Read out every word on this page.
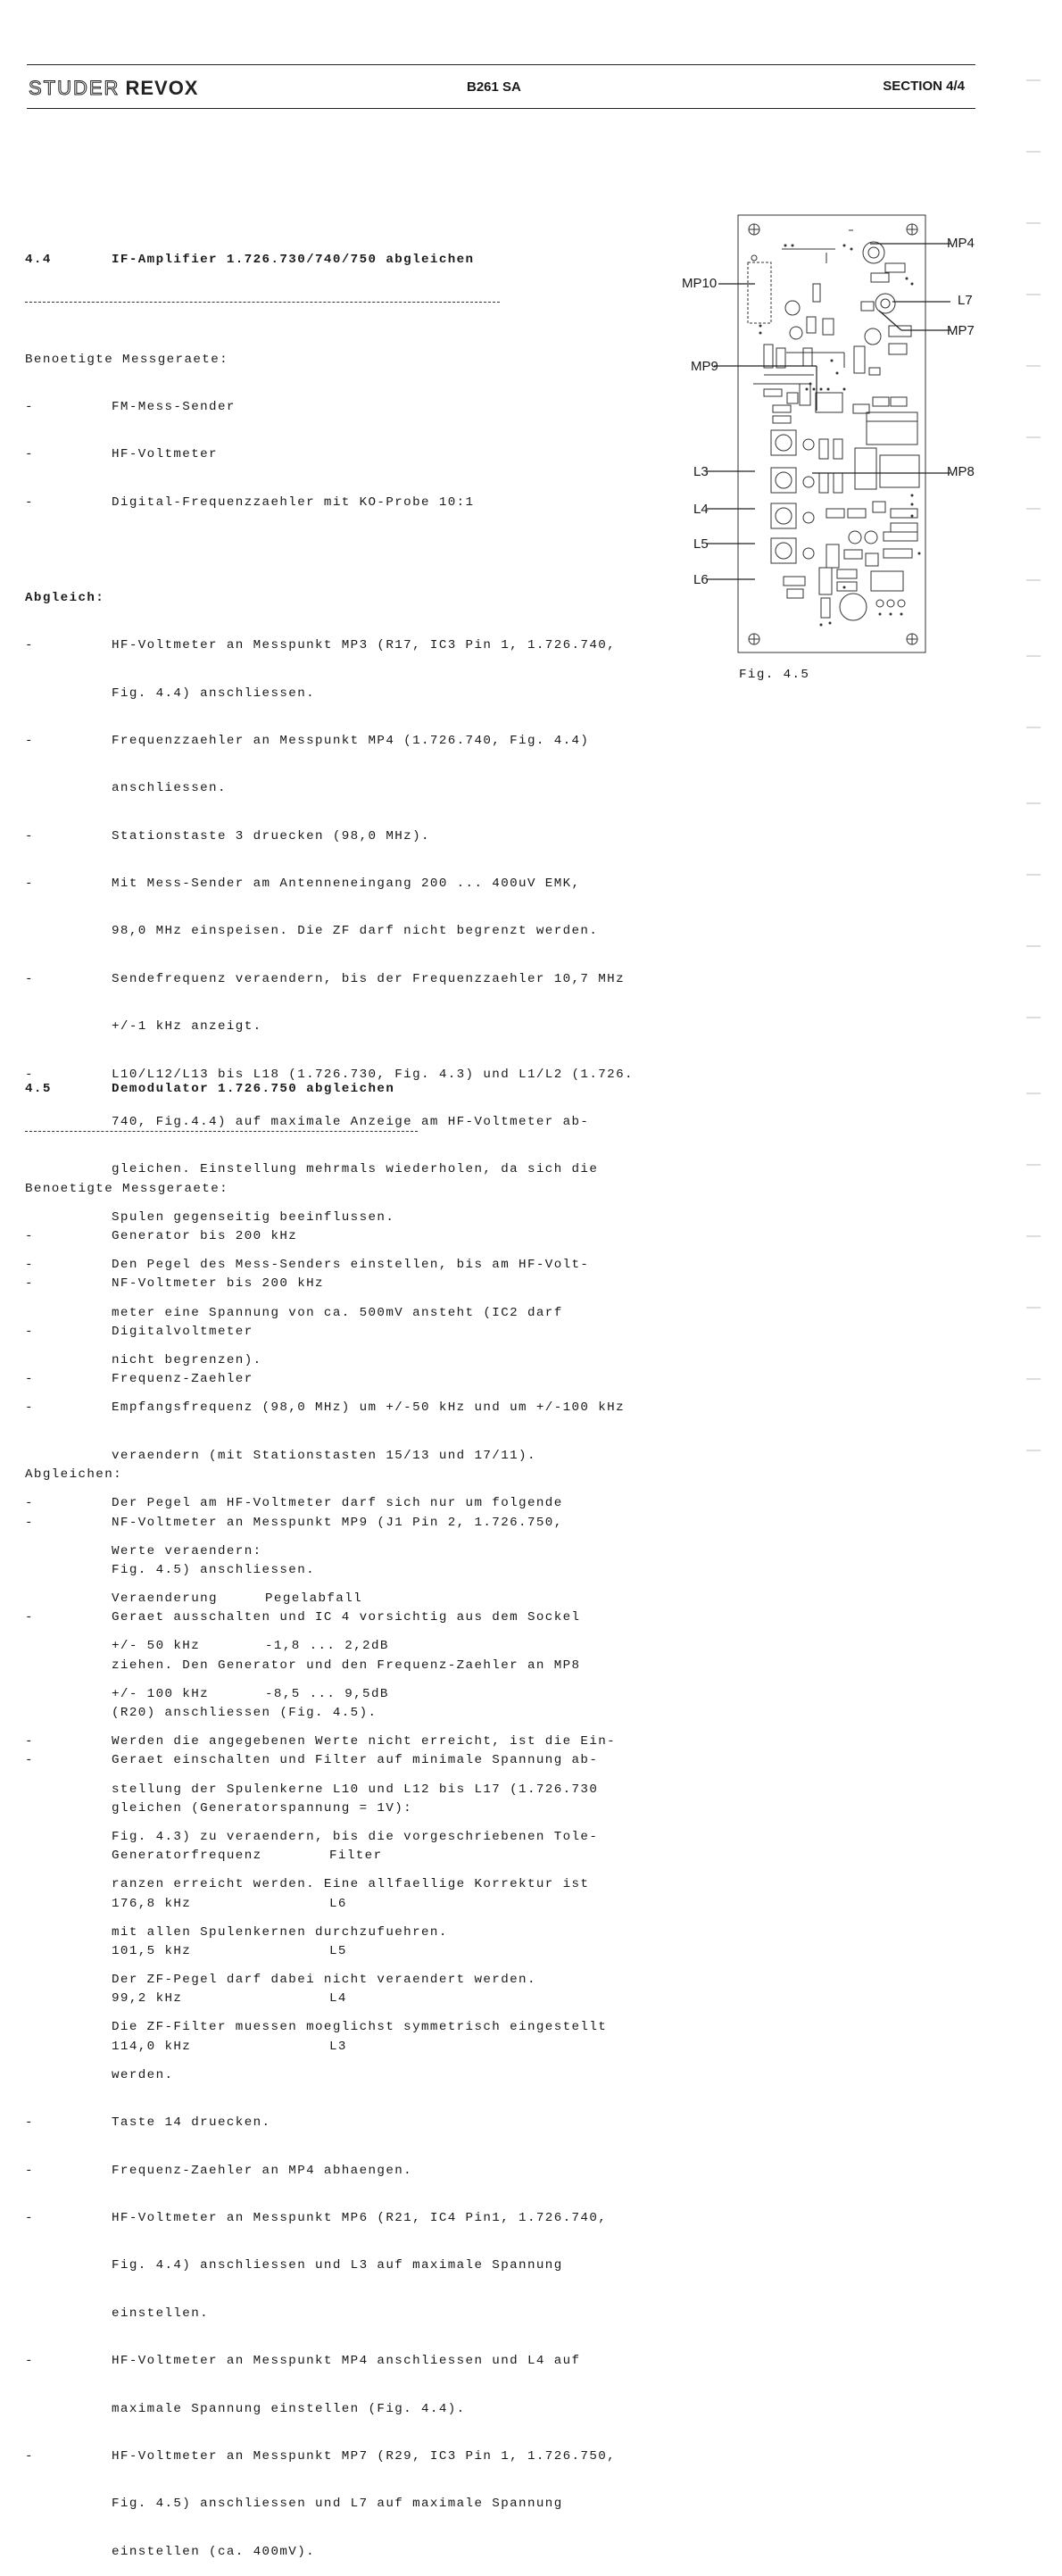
STUDER REVOX	B261 SA	SECTION 4/4

4.4	IF-Amplifier 1.726.730/740/750 abgleichen

Benoetigte Messgeraete:

-	FM-Mess-Sender

-	HF-Voltmeter

-	Digital-Frequenzzaehler mit KO-Probe 10:1

Abgleich:

-	HF-Voltmeter an Messpunkt MP3 (R17, IC3 Pin 1, 1.726.740,

Fig. 4.4) anschliessen.

-	Frequenzzaehler an Messpunkt MP4 (1.726.740, Fig. 4.4)

anschliessen.

-	Stationstaste 3 druecken (98,0 MHz).

-	Mit Mess-Sender am Antenneneingang 200 ... 400uV EMK,

98,0 MHz einspeisen. Die ZF darf nicht begrenzt werden.

-	Sendefrequenz veraendern, bis der Frequenzzaehler 10,7 MHz

+/-1 kHz anzeigt.

-	L10/L12/L13 bis L18 (1.726.730, Fig. 4.3) und L1/L2 (1.726.

740, Fig.4.4) auf maximale Anzeige am HF-Voltmeter ab-

gleichen. Einstellung mehrmals wiederholen, da sich die

Spulen gegenseitig beeinflussen.

-	Den Pegel des Mess-Senders einstellen, bis am HF-Volt-

meter eine Spannung von ca. 500mV ansteht (IC2 darf

nicht begrenzen).

-	Empfangsfrequenz (98,0 MHz) um +/-50 kHz und um +/-100 kHz

veraendern (mit Stationstasten 15/13 und 17/11).

-	Der Pegel am HF-Voltmeter darf sich nur um folgende

Werte veraendern:

Veraenderung	Pegelabfall

+/- 50 kHz	-1,8 ... 2,2dB

+/- 100 kHz	-8,5 ... 9,5dB

-	Werden die angegebenen Werte nicht erreicht, ist die Ein-

stellung der Spulenkerne L10 und L12 bis L17 (1.726.730

Fig. 4.3) zu veraendern, bis die vorgeschriebenen Tole-

ranzen erreicht werden. Eine allfaellige Korrektur ist

mit allen Spulenkernen durchzufuehren.

Der ZF-Pegel darf dabei nicht veraendert werden.

Die ZF-Filter muessen moeglichst symmetrisch eingestellt

werden.

-	Taste 14 druecken.

-	Frequenz-Zaehler an MP4 abhaengen.

-	HF-Voltmeter an Messpunkt MP6 (R21, IC4 Pin1, 1.726.740,

Fig. 4.4) anschliessen und L3 auf maximale Spannung

einstellen.

-	HF-Voltmeter an Messpunkt MP4 anschliessen und L4 auf

maximale Spannung einstellen (Fig. 4.4).

-	HF-Voltmeter an Messpunkt MP7 (R29, IC3 Pin 1, 1.726.750,

Fig. 4.5) anschliessen und L7 auf maximale Spannung

einstellen (ca. 400mV).

4.5	Demodulator 1.726.750 abgleichen

Benoetigte Messgeraete:

-	Generator bis 200 kHz

-	NF-Voltmeter bis 200 kHz

-	Digitalvoltmeter

-	Frequenz-Zaehler

Abgleichen:

-	NF-Voltmeter an Messpunkt MP9 (J1 Pin 2, 1.726.750,

Fig. 4.5) anschliessen.

-	Geraet ausschalten und IC 4 vorsichtig aus dem Sockel

ziehen. Den Generator und den Frequenz-Zaehler an MP8

(R20) anschliessen (Fig. 4.5).

-	Geraet einschalten und Filter auf minimale Spannung ab-

gleichen (Generatorspannung = 1V):

Generatorfrequenz	Filter

176,8 kHz	L6

101,5 kHz	L5

99,2 kHz	L4

114,0 kHz	L3

MP4
MP10
L7
MP7
MP9
L3	MP8
L4
L5
L6
Fig. 4.5
